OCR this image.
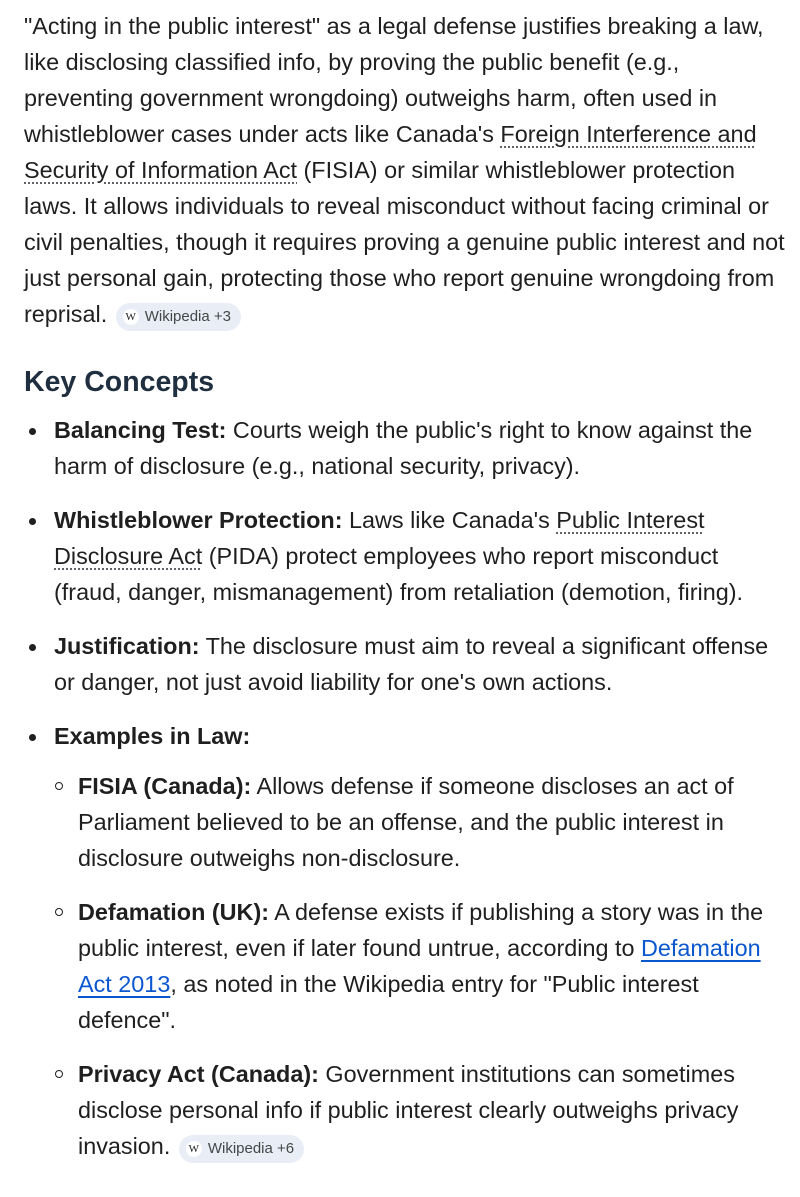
"Acting in the public interest" as a legal defense justifies breaking a law, like disclosing classified info, by proving the public benefit (e.g., preventing government wrongdoing) outweighs harm, often used in whistleblower cases under acts like Canada's Foreign Interference and Security of Information Act (FISIA) or similar whistleblower protection laws. It allows individuals to reveal misconduct without facing criminal or civil penalties, though it requires proving a genuine public interest and not just personal gain, protecting those who report genuine wrongdoing from reprisal. W Wikipedia +3

Key Concepts
Balancing Test: Courts weigh the public's right to know against the harm of disclosure (e.g., national security, privacy).
Whistleblower Protection: Laws like Canada's Public Interest Disclosure Act (PIDA) protect employees who report misconduct (fraud, danger, mismanagement) from retaliation (demotion, firing).
Justification: The disclosure must aim to reveal a significant offense or danger, not just avoid liability for one's own actions.
Examples in Law:
FISIA (Canada): Allows defense if someone discloses an act of Parliament believed to be an offense, and the public interest in disclosure outweighs non-disclosure.
Defamation (UK): A defense exists if publishing a story was in the public interest, even if later found untrue, according to Defamation Act 2013, as noted in the Wikipedia entry for "Public interest defence".
Privacy Act (Canada): Government institutions can sometimes disclose personal info if public interest clearly outweighs privacy invasion. W Wikipedia +6
